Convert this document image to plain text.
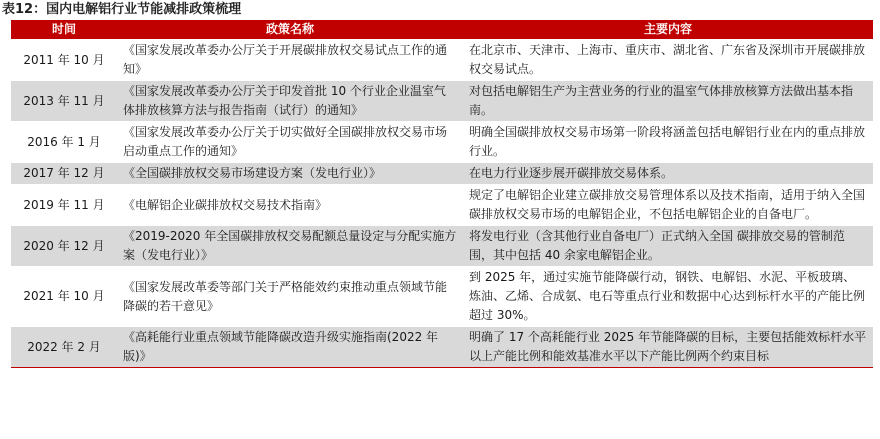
表12：国内电解铝行业节能减排政策梳理
时间	政策名称	主要内容
2011 年 10 月	《国家发展改革委办公厅关于开展碳排放权交易试点工作的通知》	在北京市、天津市、上海市、重庆市、湖北省、广东省及深圳市开展碳排放权交易试点。
2013 年 11 月	《国家发展改革委办公厅关于印发首批 10 个行业企业温室气体排放核算方法与报告指南（试行）的通知》	对包括电解铝生产为主营业务的行业的温室气体排放核算方法做出基本指南。
2016 年 1 月	《国家发展改革委办公厅关于切实做好全国碳排放权交易市场启动重点工作的通知》	明确全国碳排放权交易市场第一阶段将涵盖包括电解铝行业在内的重点排放行业。
2017 年 12 月	《全国碳排放权交易市场建设方案（发电行业）》	在电力行业逐步展开碳排放交易体系。
2019 年 11 月	《电解铝企业碳排放权交易技术指南》	规定了电解铝企业建立碳排放交易管理体系以及技术指南，适用于纳入全国碳排放权交易市场的电解铝企业，不包括电解铝企业的自备电厂。
2020 年 12 月	《2019-2020 年全国碳排放权交易配额总量设定与分配实施方案（发电行业）》	将发电行业（含其他行业自备电厂）正式纳入全国 碳排放交易的管制范围，其中包括 40 余家电解铝企业。
2021 年 10 月	《国家发展改革委等部门关于严格能效约束推动重点领域节能降碳的若干意见》	到 2025 年，通过实施节能降碳行动，钢铁、电解铝、水泥、平板玻璃、炼油、乙烯、合成氨、电石等重点行业和数据中心达到标杆水平的产能比例超过 30%。
2022 年 2 月	《高耗能行业重点领域节能降碳改造升级实施指南(2022 年版)》	明确了 17 个高耗能行业 2025 年节能降碳的目标，主要包括能效标杆水平以上产能比例和能效基准水平以下产能比例两个约束目标
